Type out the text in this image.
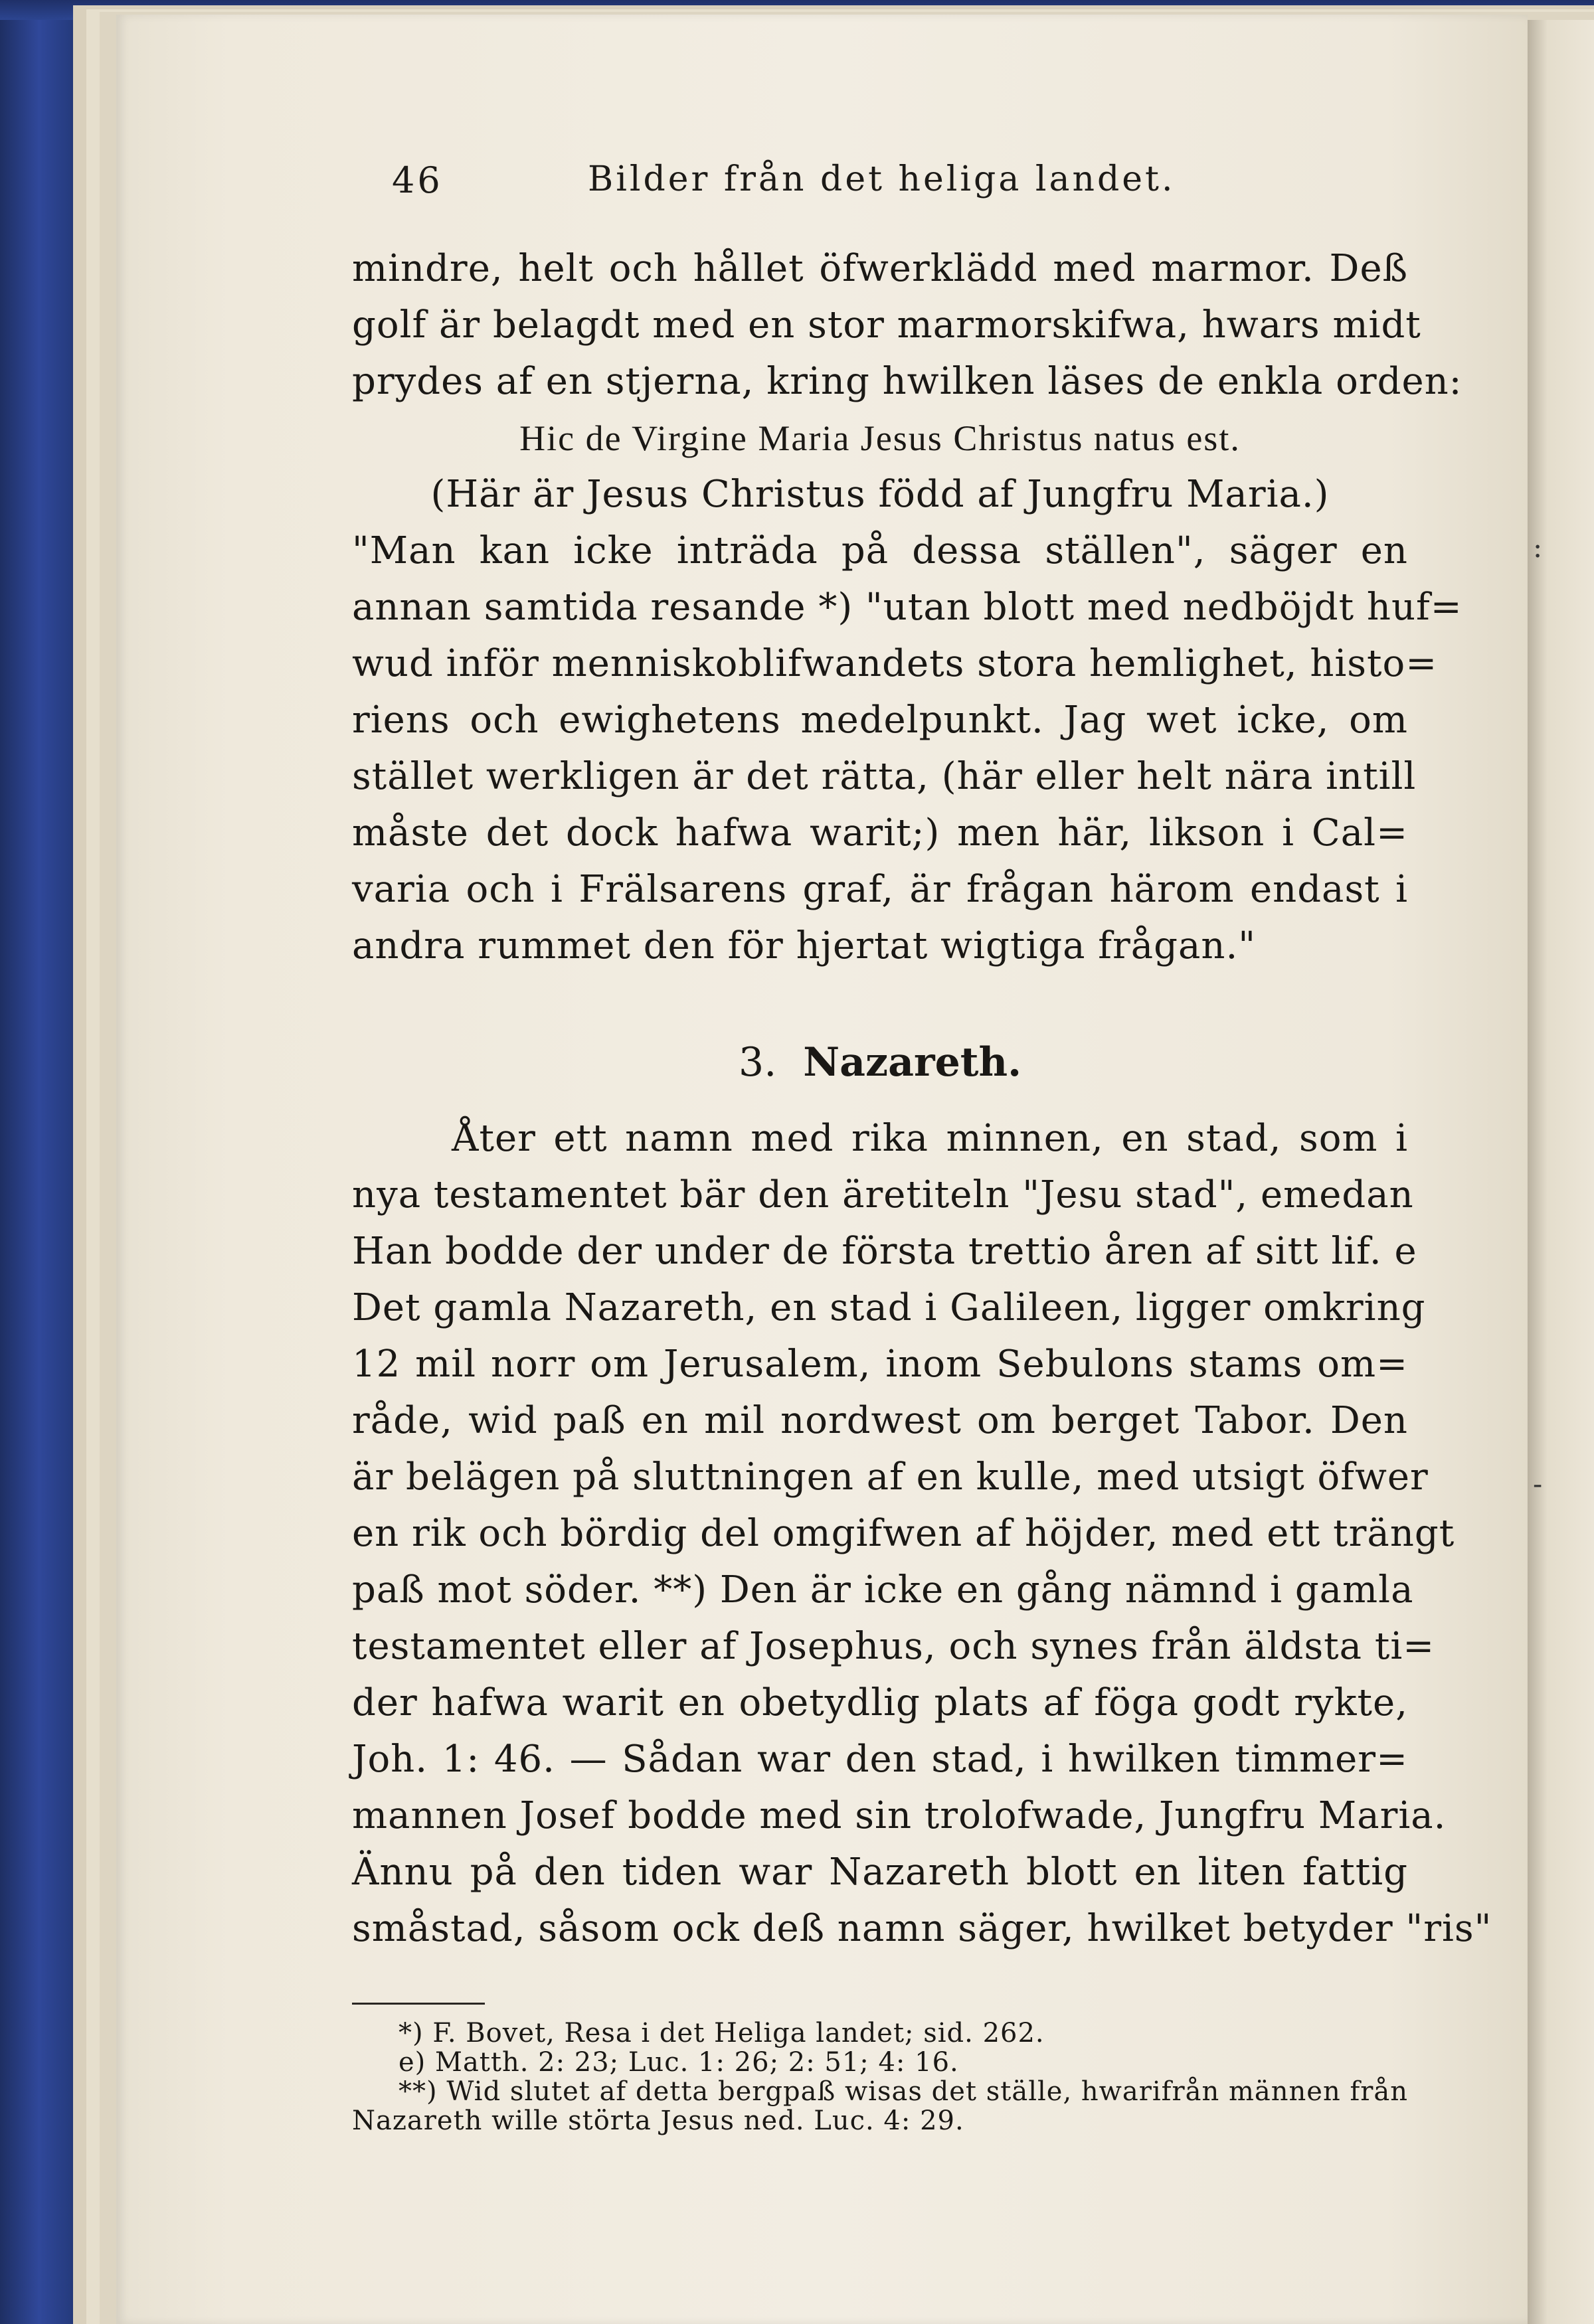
:
-
46	Bilder från det heliga landet.
mindre, helt och hållet öfwerklädd med marmor. Deß
golf är belagdt med en stor marmorskifwa, hwars midt
prydes af en stjerna, kring hwilken läses de enkla orden:
Hic de Virgine Maria Jesus Christus natus est.
(Här är Jesus Christus född af Jungfru Maria.)
"Man kan icke inträda på dessa ställen", säger en
annan samtida resande *) "utan blott med nedböjdt huf=
wud inför menniskoblifwandets stora hemlighet, histo=
riens och ewighetens medelpunkt. Jag wet icke, om
stället werkligen är det rätta, (här eller helt nära intill
måste det dock hafwa warit;) men här, likson i Cal=
varia och i Frälsarens graf, är frågan härom endast i
andra rummet den för hjertat wigtiga frågan."
3. Nazareth.
Åter ett namn med rika minnen, en stad, som i
nya testamentet bär den äretiteln "Jesu stad", emedan
Han bodde der under de första trettio åren af sitt lif. e
Det gamla Nazareth, en stad i Galileen, ligger omkring
12 mil norr om Jerusalem, inom Sebulons stams om=
råde, wid paß en mil nordwest om berget Tabor. Den
är belägen på sluttningen af en kulle, med utsigt öfwer
en rik och bördig del omgifwen af höjder, med ett trängt
paß mot söder. **) Den är icke en gång nämnd i gamla
testamentet eller af Josephus, och synes från äldsta ti=
der hafwa warit en obetydlig plats af föga godt rykte,
Joh. 1: 46. — Sådan war den stad, i hwilken timmer=
mannen Josef bodde med sin trolofwade, Jungfru Maria.
Ännu på den tiden war Nazareth blott en liten fattig
småstad, såsom ock deß namn säger, hwilket betyder "ris"
*) F. Bovet, Resa i det Heliga landet; sid. 262.
e) Matth. 2: 23; Luc. 1: 26; 2: 51; 4: 16.
**) Wid slutet af detta bergpaß wisas det ställe, hwarifrån männen från
Nazareth wille störta Jesus ned. Luc. 4: 29.
